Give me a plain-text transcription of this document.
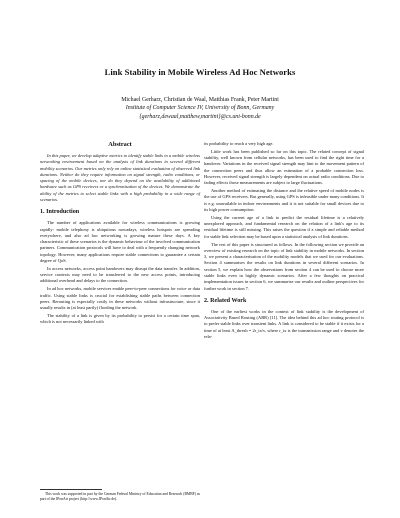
Link Stability in Mobile Wireless Ad Hoc Networks
Michael Gerharz, Christian de Waal, Matthias Frank, Peter Martini
Institute of Computer Science IV, University of Bonn, Germany
{gerharz,dewaal,matthew,martini}@cs.uni-bonn.de
Abstract

In this paper, we develop adaptive metrics to identify stable links in a mobile wireless networking environment based on the analysis of link durations in several different mobility scenarios. Our metrics only rely on online statistical evaluation of observed link durations. Neither do they require information on signal strength, radio conditions, or spacing of the mobile devices, nor do they depend on the availability of additional hardware such as GPS receivers or a synchronisation of the devices. We demonstrate the ability of the metrics to select stable links with a high probability in a wide range of scenarios.

1. Introduction

The number of applications available for wireless communications is growing rapidly: mobile telephony is ubiquitous nowadays, wireless hotspots are spreading everywhere, and also ad hoc networking is growing mature these days. A key characteristic of these scenarios is the dynamic behaviour of the involved communication partners. Communication protocols will have to deal with a frequently changing network topology. However, many applications require stable connections to guarantee a certain degree of QoS.

In access networks, access point handovers may disrupt the data transfer. In addition, service contexts may need to be transferred to the new access points, introducing additional overhead and delays to the connection.

In ad hoc networks, mobile services enable peer-to-peer connections for voice or data traffic. Using stable links is crucial for establishing stable paths between connection peers. Rerouting is especially costly in these networks without infrastructure, since it usually results in (at least partly) flooding the network.

The stability of a link is given by its probability to persist for a certain time span, which is not necessarily linked with

This work was supported in part by the German Federal Ministry of Education and Research (BMBF) as part of the IPonAir project (http://www.IPonAir.de).

its probability to reach a very high age.

Little work has been published so far on this topic. The related concept of signal stability, well known from cellular networks, has been used to find the right time for a handover. Variations in the received signal strength may hint to the movement pattern of the connection peers and thus allow an estimation of a probable connection loss. However, received signal strength is largely dependent on actual radio conditions. Due to fading effects those measurements are subject to large fluctuations.

Another method of estimating the distance and the relative speed of mobile nodes is the use of GPS receivers. But generally, using GPS is infeasible under many conditions. It is e.g. unavailable in indoor environments and it is not suitable for small devices due to its high power consumption.

Using the current age of a link to predict the residual lifetime is a relatively unexplored approach, and fundamental research on the relation of a link's age to its residual lifetime is still missing. This raises the question if a simple and reliable method for stable link selection may be based upon a statistical analysis of link durations.

The rest of this paper is structured as follows. In the following section we provide an overview of existing research on the topic of link stability in mobile networks. In section 3, we present a characterisation of the mobility models that we used for our evaluations. Section 4 summarises the results on link durations in several different scenarios. In section 5, we explain how the observations from section 4 can be used to choose more stable links even in highly dynamic scenarios. After a few thoughts on practical implementation issues in section 6, we summarise our results and outline perspectives for further work in section 7.

2. Related Work

One of the earliest works in the context of link stability is the development of Associativity Based Routing (ABR) [11]. The idea behind this ad hoc routing protocol is to prefer stable links over transient links. A link is considered to be stable if it exists for a time of at least A_thresh = 2r_tx/v, where r_tx is the transmission range and v denotes the rela-
